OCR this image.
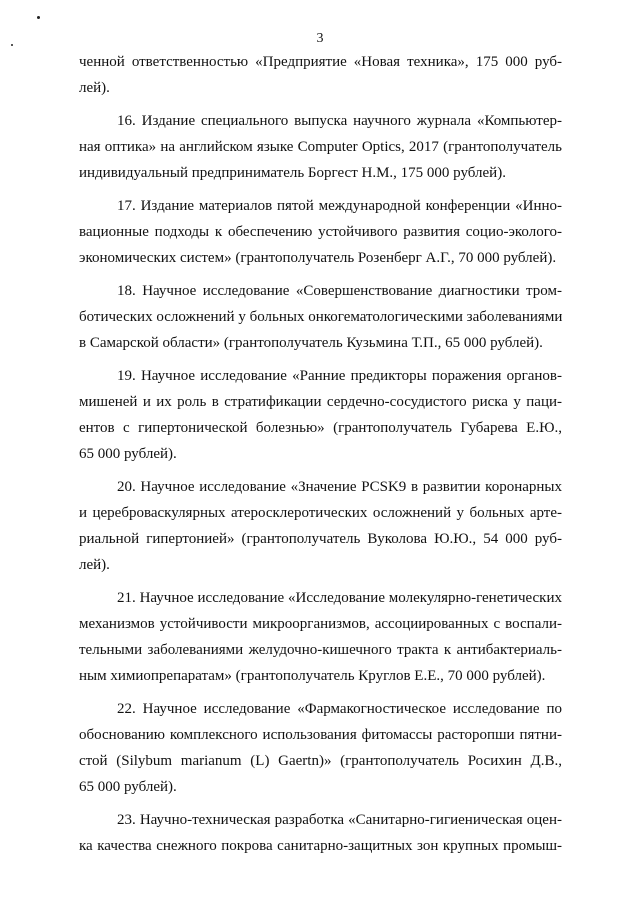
3
ченной ответственностью «Предприятие «Новая техника», 175 000 руб-
лей).
16. Издание специального выпуска научного журнала «Компьютер-
ная оптика» на английском языке Computer Optics, 2017 (грантополучатель
индивидуальный предприниматель Боргест Н.М., 175 000 рублей).
17. Издание материалов пятой международной конференции «Инно-
вационные подходы к обеспечению устойчивого развития социо-эколого-
экономических систем» (грантополучатель Розенберг А.Г., 70 000 рублей).
18. Научное исследование «Совершенствование диагностики тром-
ботических осложнений у больных онкогематологическими заболеваниями
в Самарской области» (грантополучатель Кузьмина Т.П., 65 000 рублей).
19. Научное исследование «Ранние предикторы поражения органов-
мишеней и их роль в стратификации сердечно-сосудистого риска у паци-
ентов с гипертонической болезнью» (грантополучатель Губарева Е.Ю.,
65 000 рублей).
20. Научное исследование «Значение PCSK9 в развитии коронарных
и цереброваскулярных атеросклеротических осложнений у больных арте-
риальной гипертонией» (грантополучатель Вуколова Ю.Ю., 54 000 руб-
лей).
21. Научное исследование «Исследование молекулярно-генетических
механизмов устойчивости микроорганизмов, ассоциированных с воспали-
тельными заболеваниями желудочно-кишечного тракта к антибактериаль-
ным химиопрепаратам» (грантополучатель Круглов Е.Е., 70 000 рублей).
22. Научное исследование «Фармакогностическое исследование по
обоснованию комплексного использования фитомассы расторопши пятни-
стой (Silybum marianum (L) Gaertn)» (грантополучатель Росихин Д.В.,
65 000 рублей).
23. Научно-техническая разработка «Санитарно-гигиеническая оцен-
ка качества снежного покрова санитарно-защитных зон крупных промыш-
